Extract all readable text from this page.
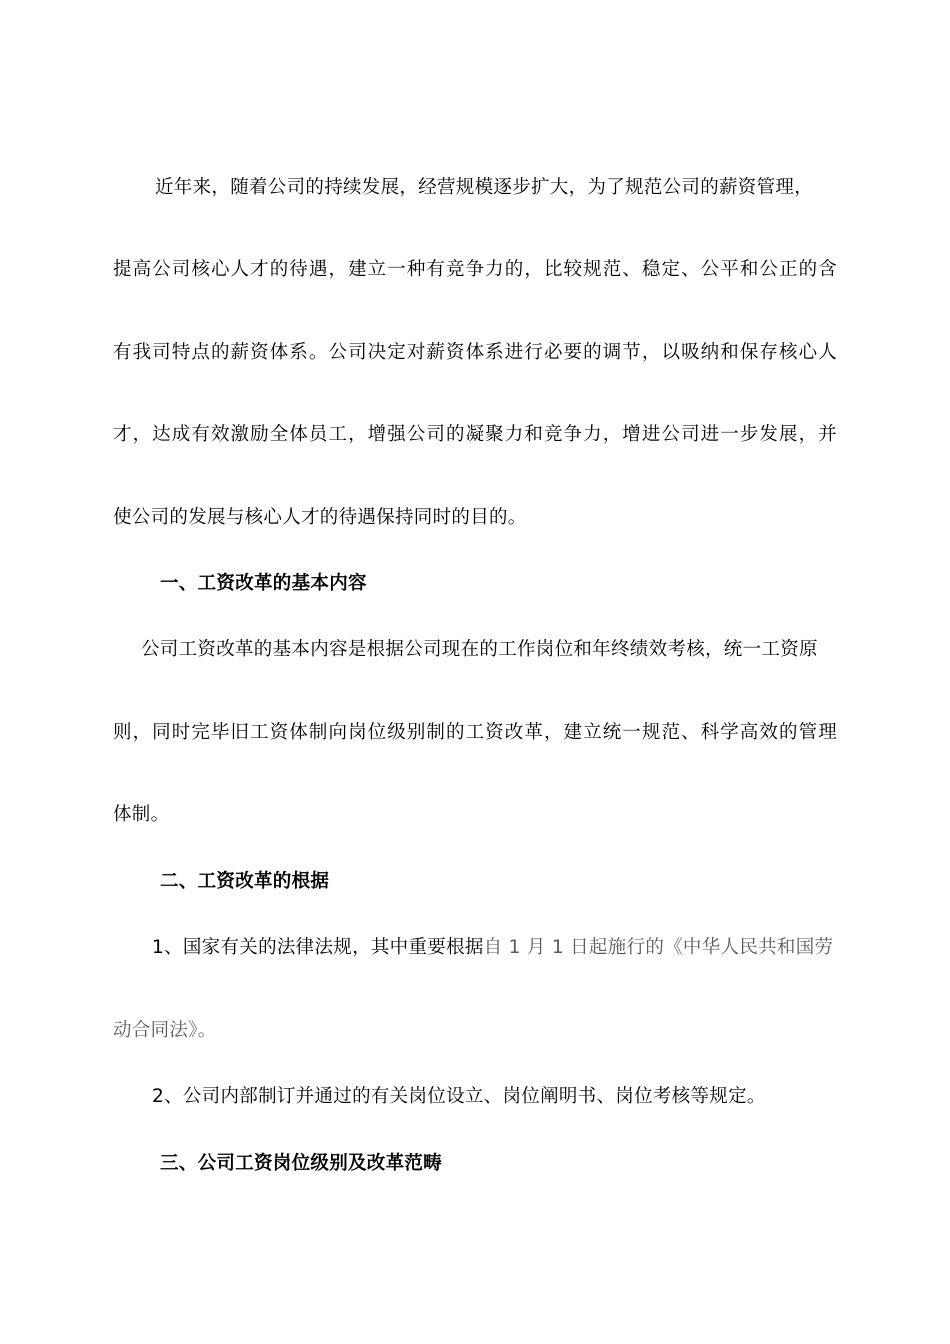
近年来，随着公司的持续发展，经营规模逐步扩大，为了规范公司的薪资管理，
提高公司核心人才的待遇，建立一种有竞争力的，比较规范、稳定、公平和公正的含
有我司特点的薪资体系。公司决定对薪资体系进行必要的调节，以吸纳和保存核心人
才，达成有效激励全体员工，增强公司的凝聚力和竞争力，增进公司进一步发展，并
使公司的发展与核心人才的待遇保持同时的目的。
一、工资改革的基本内容
公司工资改革的基本内容是根据公司现在的工作岗位和年终绩效考核，统一工资原
则，同时完毕旧工资体制向岗位级别制的工资改革，建立统一规范、科学高效的管理
体制。
二、工资改革的根据
1、国家有关的法律法规，其中重要根据自 1 月 1 日起施行的《中华人民共和国劳
动合同法》。
2、公司内部制订并通过的有关岗位设立、岗位阐明书、岗位考核等规定。
三、公司工资岗位级别及改革范畴
